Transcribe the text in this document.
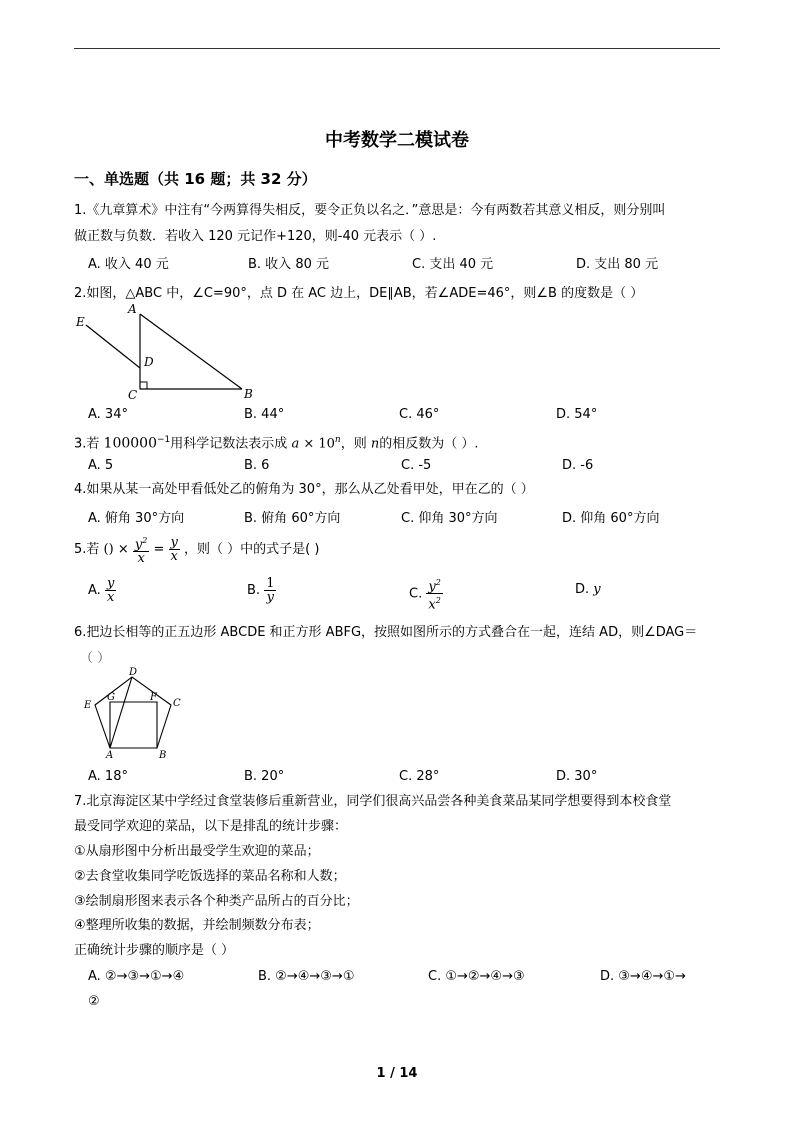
中考数学二模试卷
一、单选题（共 16 题；共 32 分）
1.《九章算术》中注有“今两算得失相反，要令正负以名之．”意思是：今有两数若其意义相反，则分别叫
做正数与负数．若收入 120 元记作+120，则-40 元表示（ ）.
A. 收入 40 元	B. 收入 80 元	C. 支出 40 元	D. 支出 80 元
2.如图，△ABC 中，∠C=90°，点 D 在 AC 边上，DE∥AB，若∠ADE=46°，则∠B 的度数是（ ）
A
B
C
D
E
A. 34°	B. 44°	C. 46°	D. 54°
3.若 $100000^{-1}$用科学记数法表示成 $a \times 10^n$，则 n的相反数为（ ）.
A. 5	B. 6	C. -5	D. -6
4.如果从某一高处甲看低处乙的俯角为 30°，那么从乙处看甲处，甲在乙的（ ）
A. 俯角 30°方向	B. 俯角 60°方向	C. 仰角 30°方向	D. 仰角 60°方向
5.若 () × $\frac{y^2}{x} = \frac{y}{x}$ ，则（ ）中的式子是( )
A. $\frac{y}{x}$	B. $\frac{1}{y}$	C. $\frac{y^2}{x^2}$	D. y
6.把边长相等的正五边形 ABCDE 和正方形 ABFG，按照如图所示的方式叠合在一起，连结 AD，则∠DAG＝
（ ）
A	B
C
D
E
F
G
A. 18°	B. 20°	C. 28°	D. 30°
7.北京海淀区某中学经过食堂装修后重新营业，同学们很高兴品尝各种美食菜品某同学想要得到本校食堂
最受同学欢迎的菜品，以下是排乱的统计步骤：
①从扇形图中分析出最受学生欢迎的菜品；
②去食堂收集同学吃饭选择的菜品名称和人数；
③绘制扇形图来表示各个种类产品所占的百分比；
④整理所收集的数据，并绘制频数分布表；
正确统计步骤的顺序是（ ）
A. ②→③→①→④	B. ②→④→③→①	C. ①→②→④→③	D. ③→④→①→
②
1 / 14
